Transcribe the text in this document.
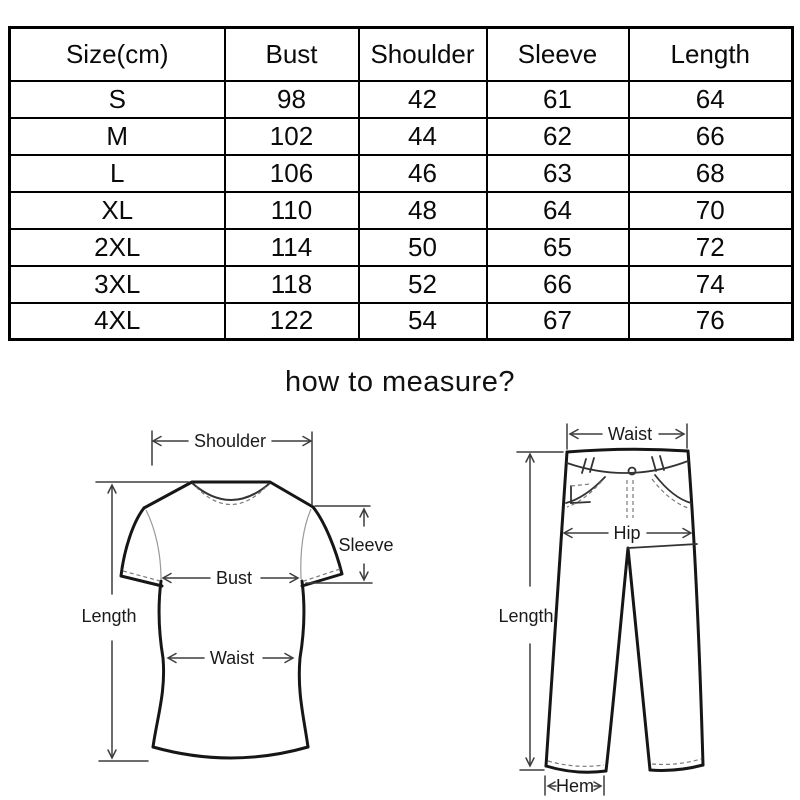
Size(cm)	Bust	Shoulder	Sleeve	Length
S	98	42	61	64
M	102	44	62	66
L	106	46	63	68
XL	110	48	64	70
2XL	114	50	65	72
3XL	118	52	66	74
4XL	122	54	67	76
how to measure?
Shoulder
Sleeve
Bust
Waist
Length
Waist
Hip
Length
Hem
